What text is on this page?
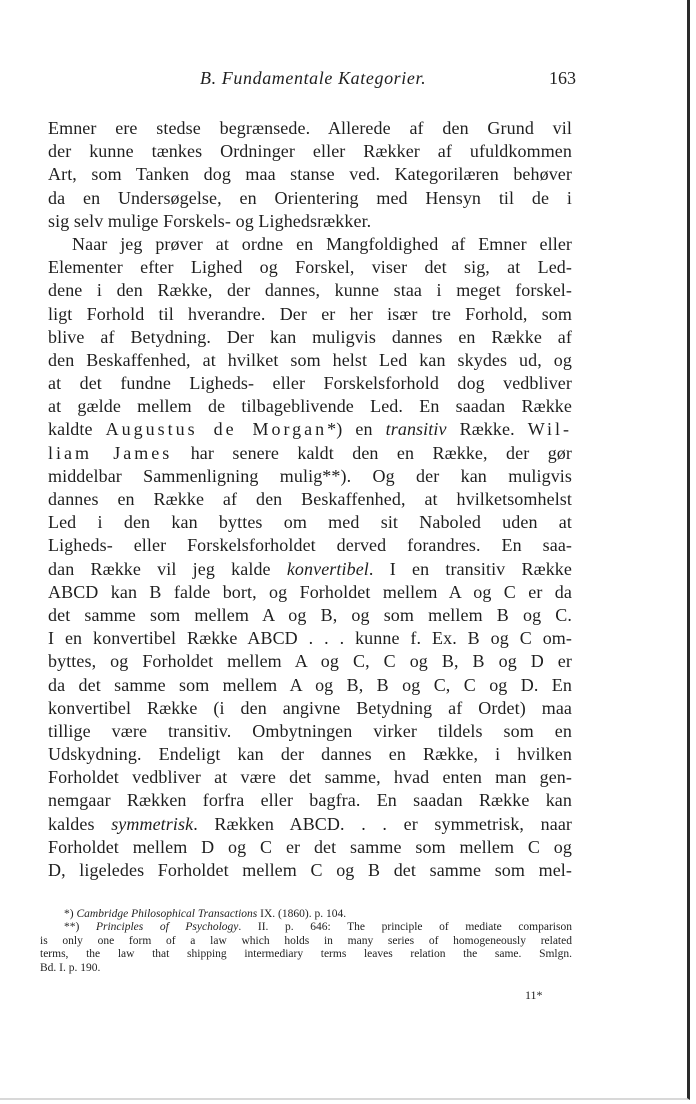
B. Fundamentale Kategorier.	163
Emner ere stedse begrænsede. Allerede af den Grund vil
der kunne tænkes Ordninger eller Rækker af ufuldkommen
Art, som Tanken dog maa stanse ved. Kategorilæren behøver
da en Undersøgelse, en Orientering med Hensyn til de i
sig selv mulige Forskels- og Lighedsrækker.
Naar jeg prøver at ordne en Mangfoldighed af Emner eller
Elementer efter Lighed og Forskel, viser det sig, at Led-
dene i den Række, der dannes, kunne staa i meget forskel-
ligt Forhold til hverandre. Der er her især tre Forhold, som
blive af Betydning. Der kan muligvis dannes en Række af
den Beskaffenhed, at hvilket som helst Led kan skydes ud, og
at det fundne Ligheds- eller Forskelsforhold dog vedbliver
at gælde mellem de tilbageblivende Led. En saadan Række
kaldte Augustus de Morgan*) en transitiv Række. Wil-
liam James har senere kaldt den en Række, der gør
middelbar Sammenligning mulig**). Og der kan muligvis
dannes en Række af den Beskaffenhed, at hvilketsomhelst
Led i den kan byttes om med sit Naboled uden at
Ligheds- eller Forskelsforholdet derved forandres. En saa-
dan Række vil jeg kalde konvertibel. I en transitiv Række
ABCD kan B falde bort, og Forholdet mellem A og C er da
det samme som mellem A og B, og som mellem B og C.
I en konvertibel Række ABCD . . . kunne f. Ex. B og C om-
byttes, og Forholdet mellem A og C, C og B, B og D er
da det samme som mellem A og B, B og C, C og D. En
konvertibel Række (i den angivne Betydning af Ordet) maa
tillige være transitiv. Ombytningen virker tildels som en
Udskydning. Endeligt kan der dannes en Række, i hvilken
Forholdet vedbliver at være det samme, hvad enten man gen-
nemgaar Rækken forfra eller bagfra. En saadan Række kan
kaldes symmetrisk. Rækken ABCD. . . er symmetrisk, naar
Forholdet mellem D og C er det samme som mellem C og
D, ligeledes Forholdet mellem C og B det samme som mel-
*) Cambridge Philosophical Transactions IX. (1860). p. 104.
**) Principles of Psychology. II. p. 646: The principle of mediate comparison
is only one form of a law which holds in many series of homogeneously related
terms, the law that shipping intermediary terms leaves relation the same. Smlgn.
Bd. I. p. 190.
11*
